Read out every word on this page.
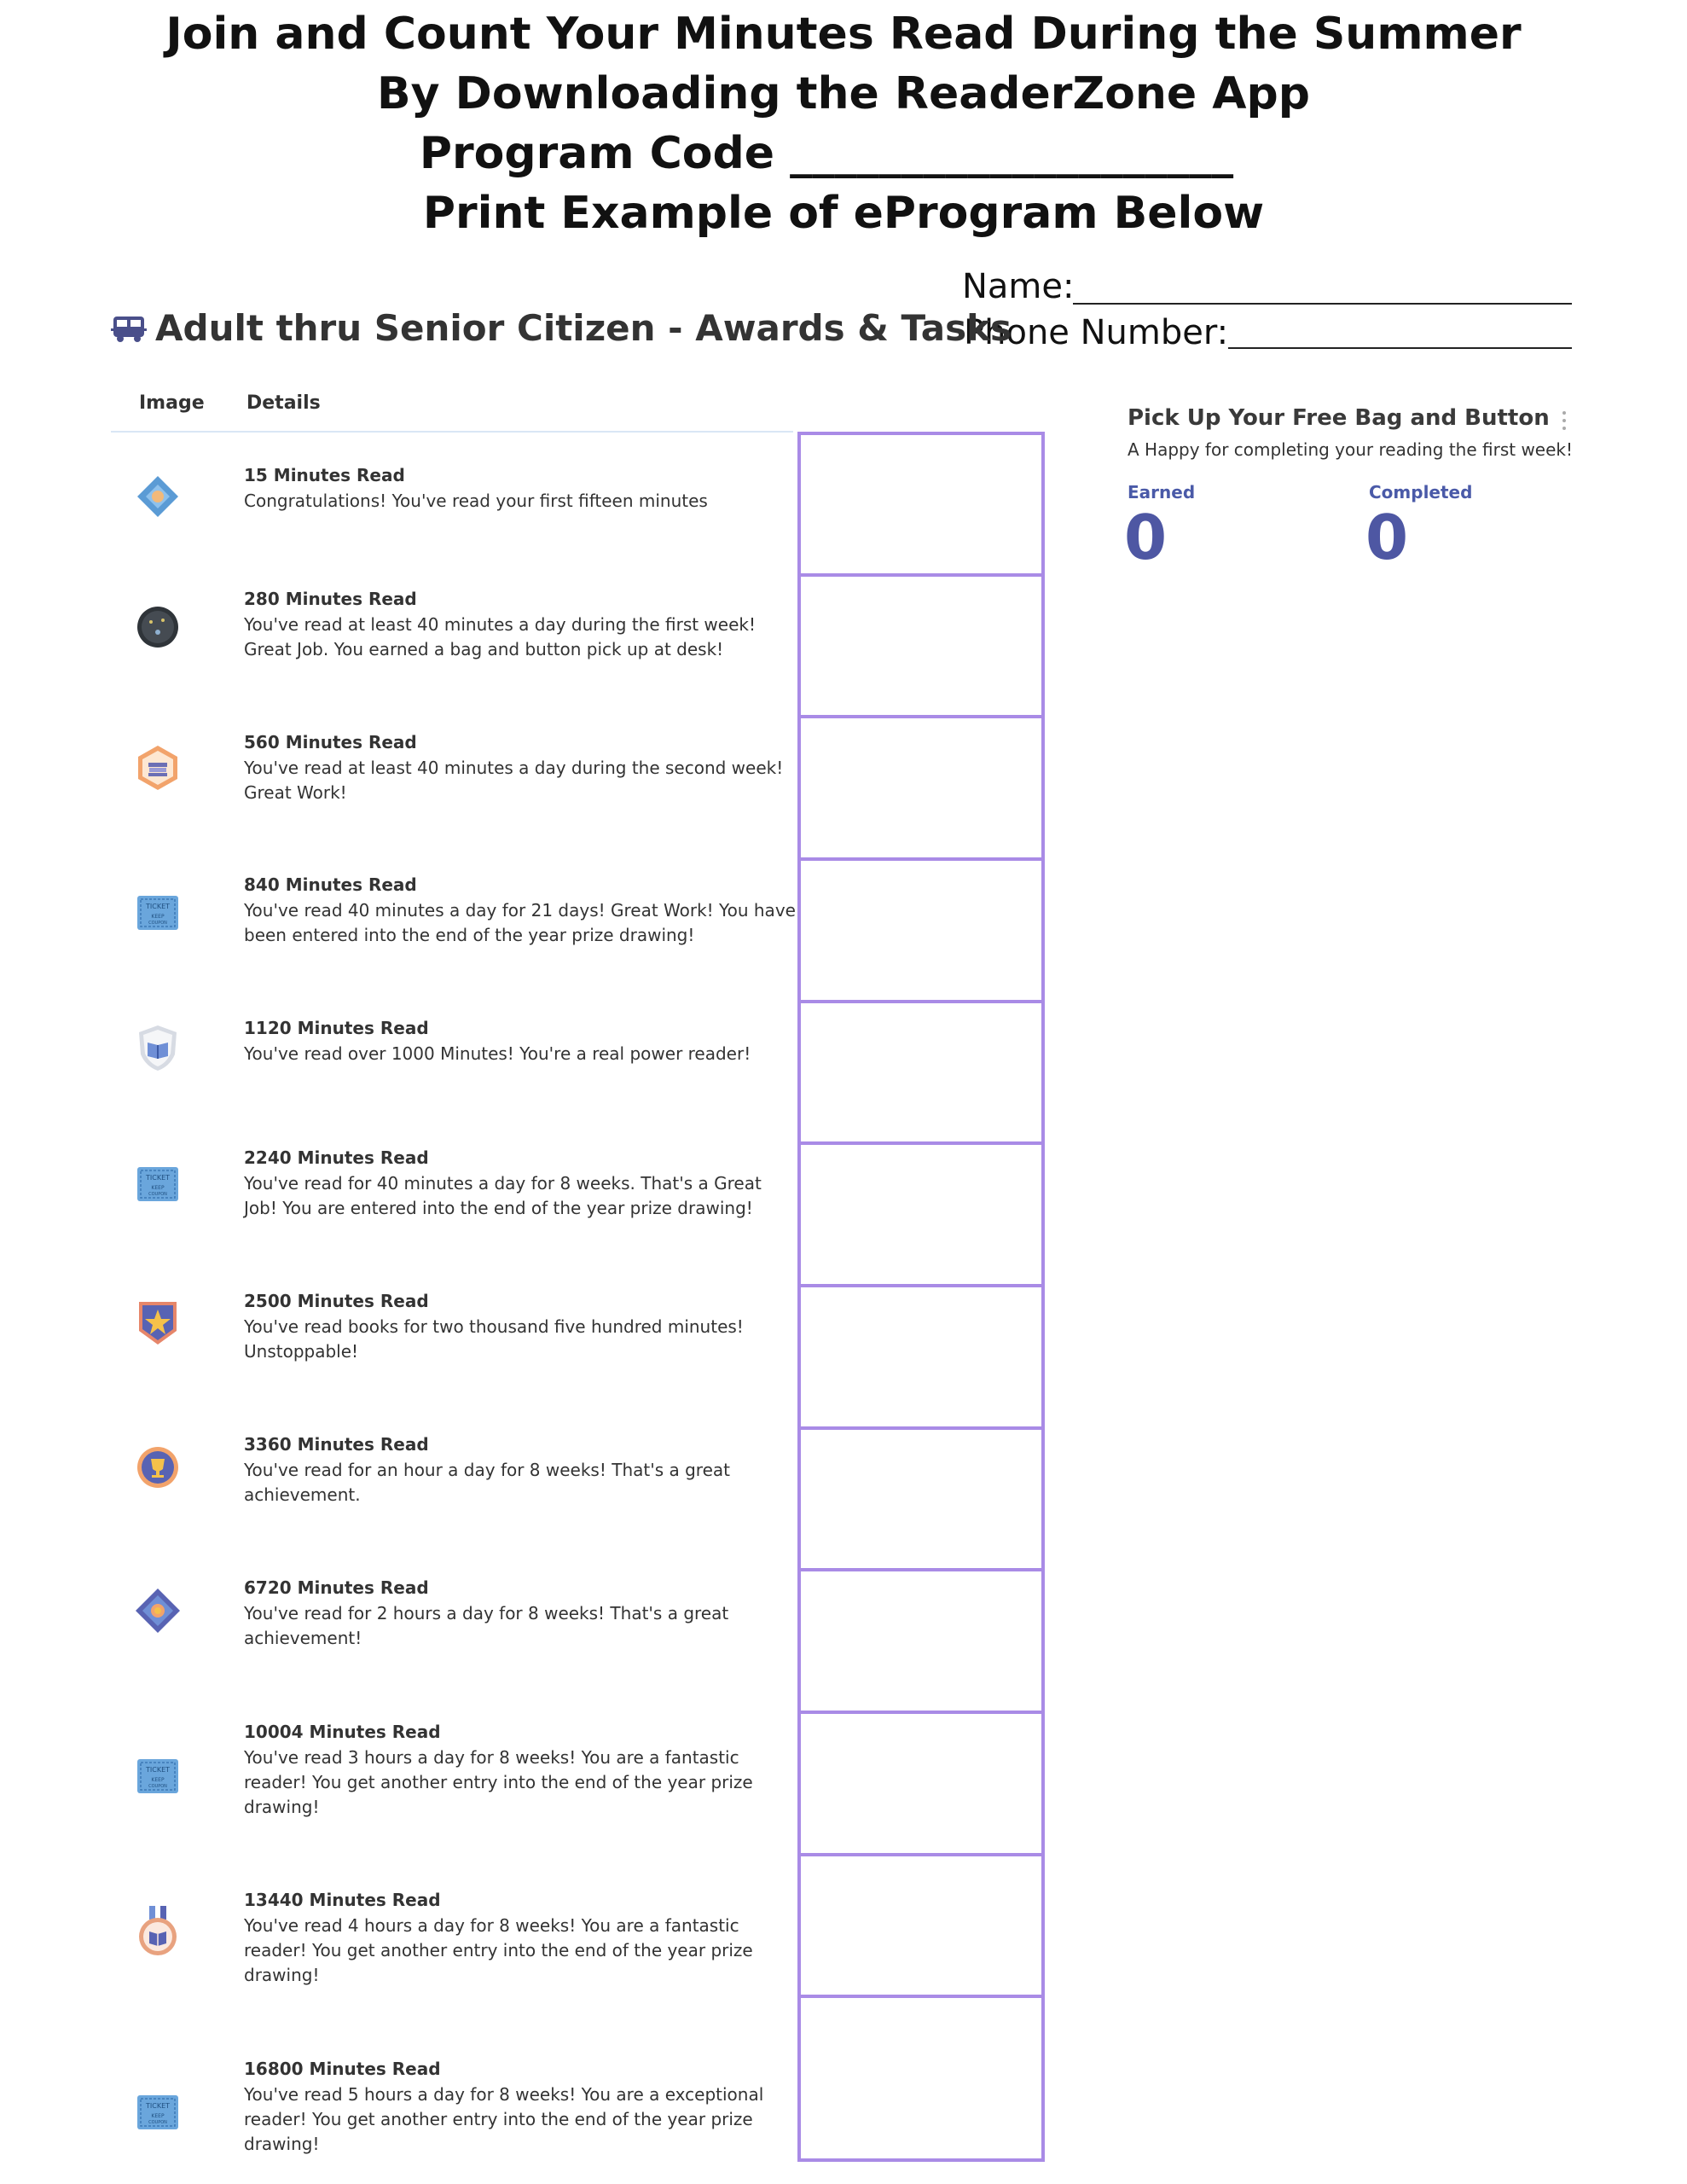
Join and Count Your Minutes Read During the Summer
By Downloading the ReaderZone App
Program Code ____________________
Print Example of eProgram Below
Name:
Phone Number:
Adult thru Senior Citizen - Awards & Tasks
Image Details
15 Minutes Read
Congratulations! You've read your first fifteen minutes
280 Minutes Read
You've read at least 40 minutes a day during the first week! Great Job. You earned a bag and button pick up at desk!
560 Minutes Read
You've read at least 40 minutes a day during the second week! Great Work!
TICKET
KEEP
COUPON
840 Minutes Read
You've read 40 minutes a day for 21 days! Great Work! You have been entered into the end of the year prize drawing!
1120 Minutes Read
You've read over 1000 Minutes! You're a real power reader!
TICKET
KEEP
COUPON
2240 Minutes Read
You've read for 40 minutes a day for 8 weeks. That's a Great Job! You are entered into the end of the year prize drawing!
2500 Minutes Read
You've read books for two thousand five hundred minutes! Unstoppable!
3360 Minutes Read
You've read for an hour a day for 8 weeks! That's a great achievement.
6720 Minutes Read
You've read for 2 hours a day for 8 weeks! That's a great achievement!
TICKET
KEEP
COUPON
10004 Minutes Read
You've read 3 hours a day for 8 weeks! You are a fantastic reader! You get another entry into the end of the year prize drawing!
13440 Minutes Read
You've read 4 hours a day for 8 weeks! You are a fantastic reader! You get another entry into the end of the year prize drawing!
TICKET
KEEP
COUPON
16800 Minutes Read
You've read 5 hours a day for 8 weeks! You are a exceptional reader! You get another entry into the end of the year prize drawing!
Pick Up Your Free Bag and Button
A Happy for completing your reading the first week!
Earned
0
Completed
0
